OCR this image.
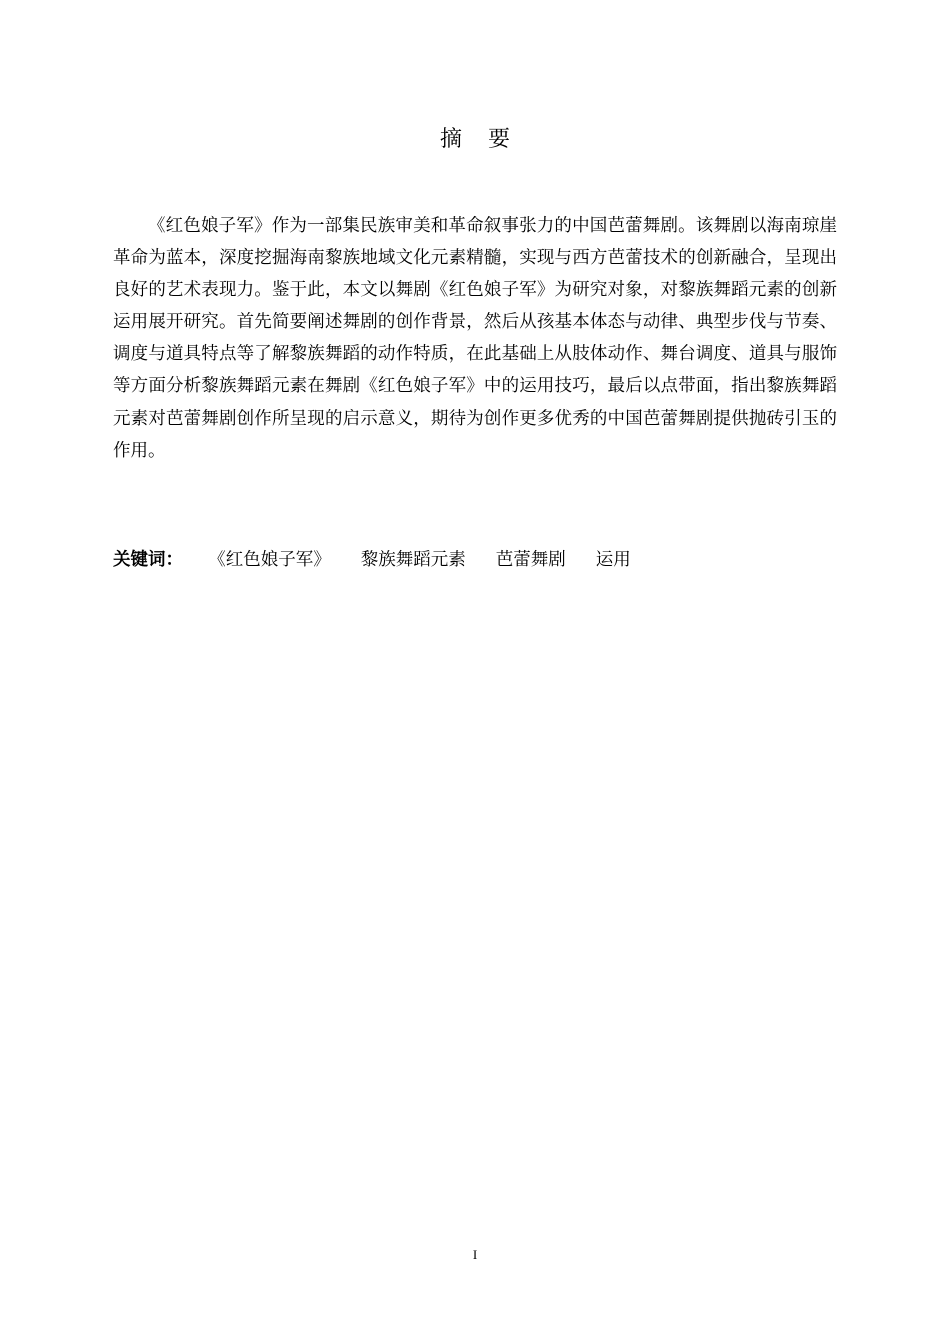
摘要

《红色娘子军》作为一部集民族审美和革命叙事张力的中国芭蕾舞剧。该舞剧以海南琼崖革命为蓝本，深度挖掘海南黎族地域文化元素精髓，实现与西方芭蕾技术的创新融合，呈现出良好的艺术表现力。鉴于此，本文以舞剧《红色娘子军》为研究对象，对黎族舞蹈元素的创新运用展开研究。首先简要阐述舞剧的创作背景，然后从孩基本体态与动律、典型步伐与节奏、调度与道具特点等了解黎族舞蹈的动作特质，在此基础上从肢体动作、舞台调度、道具与服饰等方面分析黎族舞蹈元素在舞剧《红色娘子军》中的运用技巧，最后以点带面，指出黎族舞蹈元素对芭蕾舞剧创作所呈现的启示意义，期待为创作更多优秀的中国芭蕾舞剧提供抛砖引玉的作用。

关键词： 《红色娘子军》 黎族舞蹈元素 芭蕾舞剧 运用
I
